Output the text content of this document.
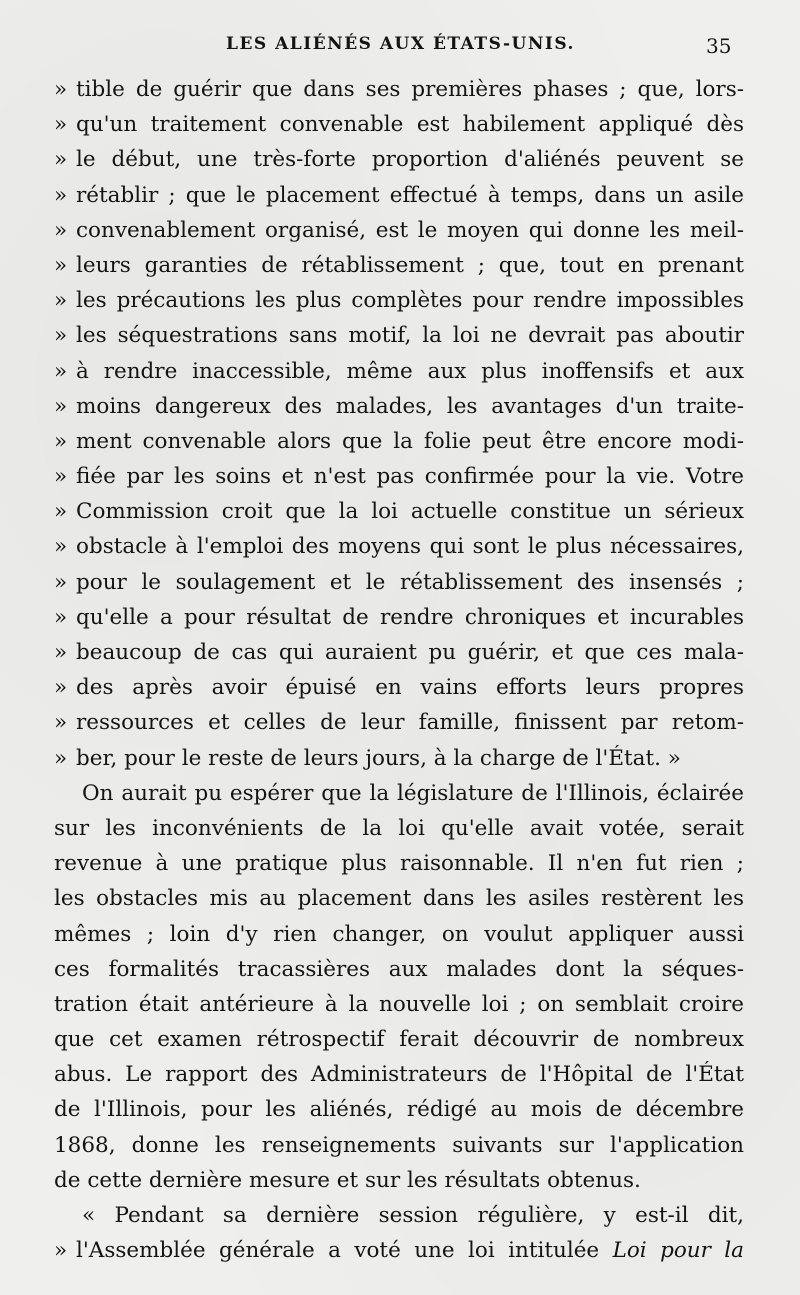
LES ALIÉNÉS AUX ÉTATS-UNIS.	35
» tible de guérir que dans ses premières phases ; que, lors-
» qu'un traitement convenable est habilement appliqué dès
» le début, une très-forte proportion d'aliénés peuvent se
» rétablir ; que le placement effectué à temps, dans un asile
» convenablement organisé, est le moyen qui donne les meil-
» leurs garanties de rétablissement ; que, tout en prenant
» les précautions les plus complètes pour rendre impossibles
» les séquestrations sans motif, la loi ne devrait pas aboutir
» à rendre inaccessible, même aux plus inoffensifs et aux
» moins dangereux des malades, les avantages d'un traite-
» ment convenable alors que la folie peut être encore modi-
» fiée par les soins et n'est pas confirmée pour la vie. Votre
» Commission croit que la loi actuelle constitue un sérieux
» obstacle à l'emploi des moyens qui sont le plus nécessaires,
» pour le soulagement et le rétablissement des insensés ;
» qu'elle a pour résultat de rendre chroniques et incurables
» beaucoup de cas qui auraient pu guérir, et que ces mala-
» des après avoir épuisé en vains efforts leurs propres
» ressources et celles de leur famille, finissent par retom-
» ber, pour le reste de leurs jours, à la charge de l'État. »
On aurait pu espérer que la législature de l'Illinois, éclairée
sur les inconvénients de la loi qu'elle avait votée, serait
revenue à une pratique plus raisonnable. Il n'en fut rien ;
les obstacles mis au placement dans les asiles restèrent les
mêmes ; loin d'y rien changer, on voulut appliquer aussi
ces formalités tracassières aux malades dont la séques-
tration était antérieure à la nouvelle loi ; on semblait croire
que cet examen rétrospectif ferait découvrir de nombreux
abus. Le rapport des Administrateurs de l'Hôpital de l'État
de l'Illinois, pour les aliénés, rédigé au mois de décembre
1868, donne les renseignements suivants sur l'application
de cette dernière mesure et sur les résultats obtenus.
« Pendant sa dernière session régulière, y est-il dit,
» l'Assemblée générale a voté une loi intitulée Loi pour la
